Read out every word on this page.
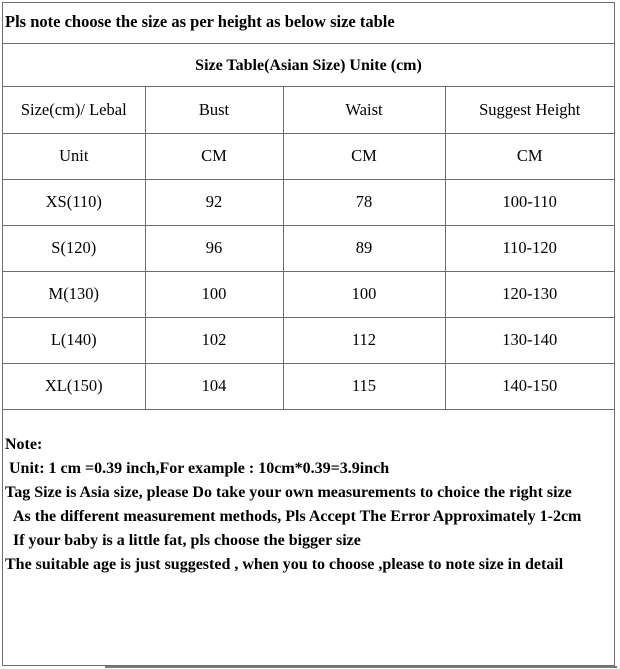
Pls note choose the size as per height as below size table
Size Table(Asian Size) Unite (cm)
Size(cm)/ Lebal	Bust	Waist	Suggest Height
Unit	CM	CM	CM
XS(110)	92	78	100-110
S(120)	96	89	110-120
M(130)	100	100	120-130
L(140)	102	112	130-140
XL(150)	104	115	140-150
Note:
Unit: 1 cm =0.39 inch,For example : 10cm*0.39=3.9inch
Tag Size is Asia size, please Do take your own measurements to choice the right size
As the different measurement methods, Pls Accept The Error Approximately 1-2cm
If your baby is a little fat, pls choose the bigger size
The suitable age is just suggested , when you to choose ,please to note size in detail
